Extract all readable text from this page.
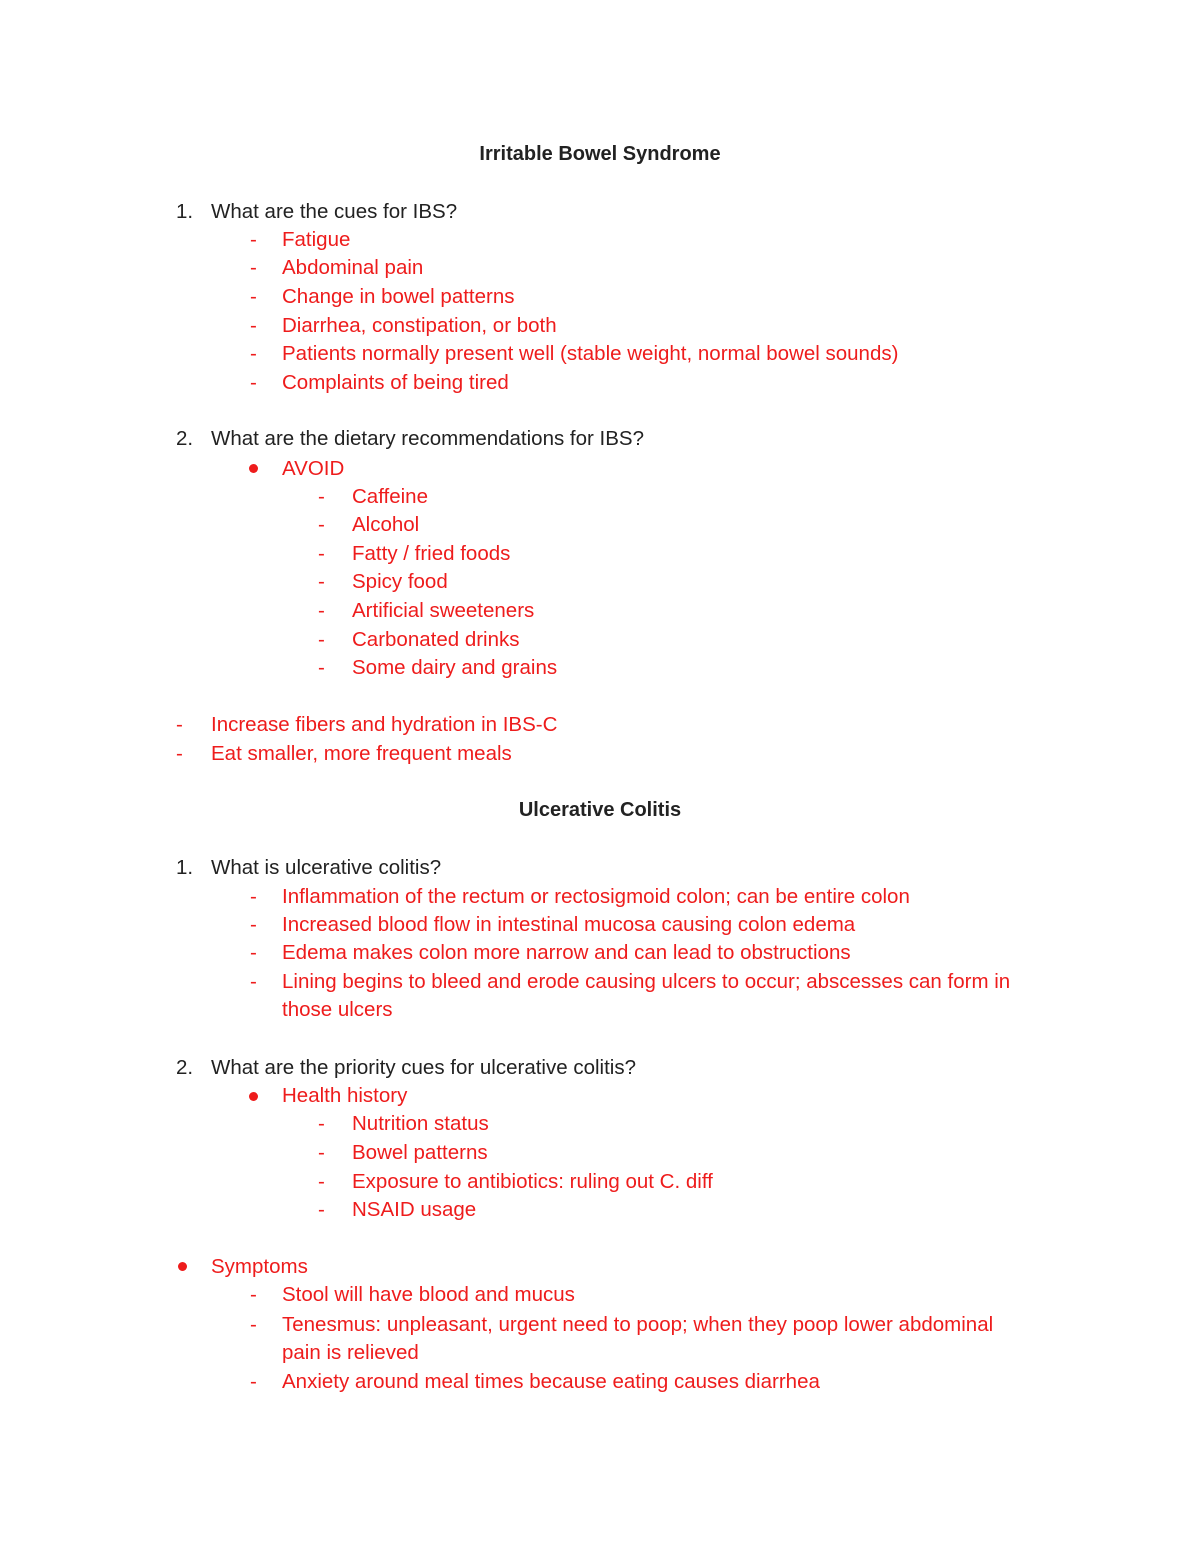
Irritable Bowel Syndrome
1. What are the cues for IBS?
- Fatigue
- Abdominal pain
- Change in bowel patterns
- Diarrhea, constipation, or both
- Patients normally present well (stable weight, normal bowel sounds)
- Complaints of being tired
2. What are the dietary recommendations for IBS?
AVOID
- Caffeine
- Alcohol
- Fatty / fried foods
- Spicy food
- Artificial sweeteners
- Carbonated drinks
- Some dairy and grains
- Increase fibers and hydration in IBS-C
- Eat smaller, more frequent meals
Ulcerative Colitis
1. What is ulcerative colitis?
- Inflammation of the rectum or rectosigmoid colon; can be entire colon
- Increased blood flow in intestinal mucosa causing colon edema
- Edema makes colon more narrow and can lead to obstructions
- Lining begins to bleed and erode causing ulcers to occur; abscesses can form in
those ulcers
2. What are the priority cues for ulcerative colitis?
Health history
- Nutrition status
- Bowel patterns
- Exposure to antibiotics: ruling out C. diff
- NSAID usage
Symptoms
- Stool will have blood and mucus
- Tenesmus: unpleasant, urgent need to poop; when they poop lower abdominal
pain is relieved
- Anxiety around meal times because eating causes diarrhea
